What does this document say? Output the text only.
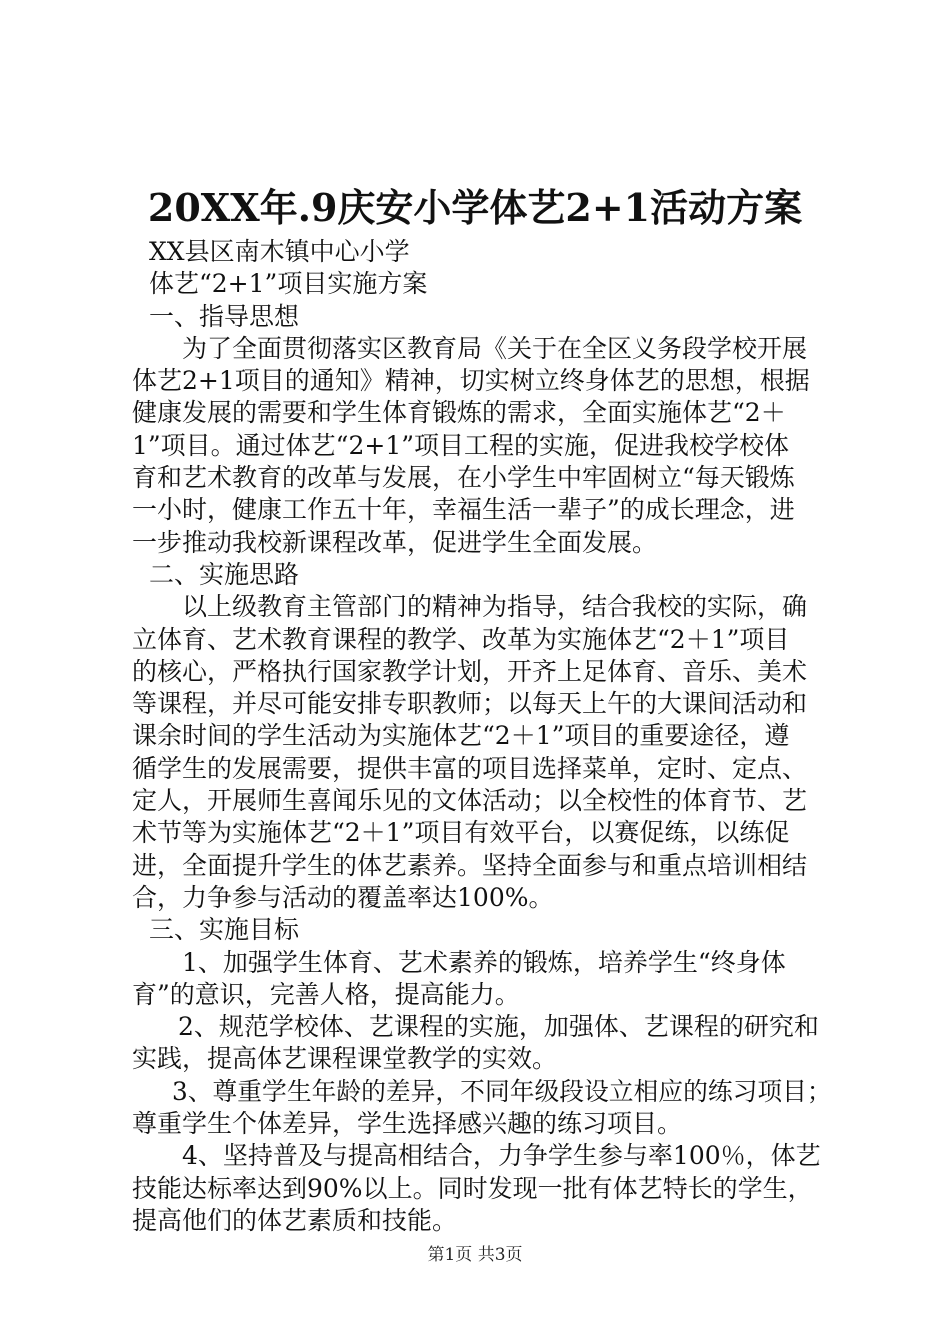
20XX年.9庆安小学体艺2+1活动方案
XX县区南木镇中心小学
体艺“2+1”项目实施方案
一、指导思想
为了全面贯彻落实区教育局《关于在全区义务段学校开展
体艺2+1项目的通知》精神，切实树立终身体艺的思想，根据
健康发展的需要和学生体育锻炼的需求，全面实施体艺“2＋
1”项目。通过体艺“2+1”项目工程的实施，促进我校学校体
育和艺术教育的改革与发展，在小学生中牢固树立“每天锻炼
一小时，健康工作五十年，幸福生活一辈子”的成长理念，进
一步推动我校新课程改革，促进学生全面发展。
二、实施思路
以上级教育主管部门的精神为指导，结合我校的实际，确
立体育、艺术教育课程的教学、改革为实施体艺“2＋1”项目
的核心，严格执行国家教学计划，开齐上足体育、音乐、美术
等课程，并尽可能安排专职教师；以每天上午的大课间活动和
课余时间的学生活动为实施体艺“2＋1”项目的重要途径，遵
循学生的发展需要，提供丰富的项目选择菜单，定时、定点、
定人，开展师生喜闻乐见的文体活动；以全校性的体育节、艺
术节等为实施体艺“2＋1”项目有效平台，以赛促练，以练促
进，全面提升学生的体艺素养。坚持全面参与和重点培训相结
合，力争参与活动的覆盖率达100%。
三、实施目标
1、加强学生体育、艺术素养的锻炼，培养学生“终身体
育”的意识，完善人格，提高能力。
2、规范学校体、艺课程的实施，加强体、艺课程的研究和
实践，提高体艺课程课堂教学的实效。
3、尊重学生年龄的差异，不同年级段设立相应的练习项目；
尊重学生个体差异，学生选择感兴趣的练习项目。
4、坚持普及与提高相结合，力争学生参与率100％，体艺
技能达标率达到90%以上。同时发现一批有体艺特长的学生，
提高他们的体艺素质和技能。
第1页 共3页
